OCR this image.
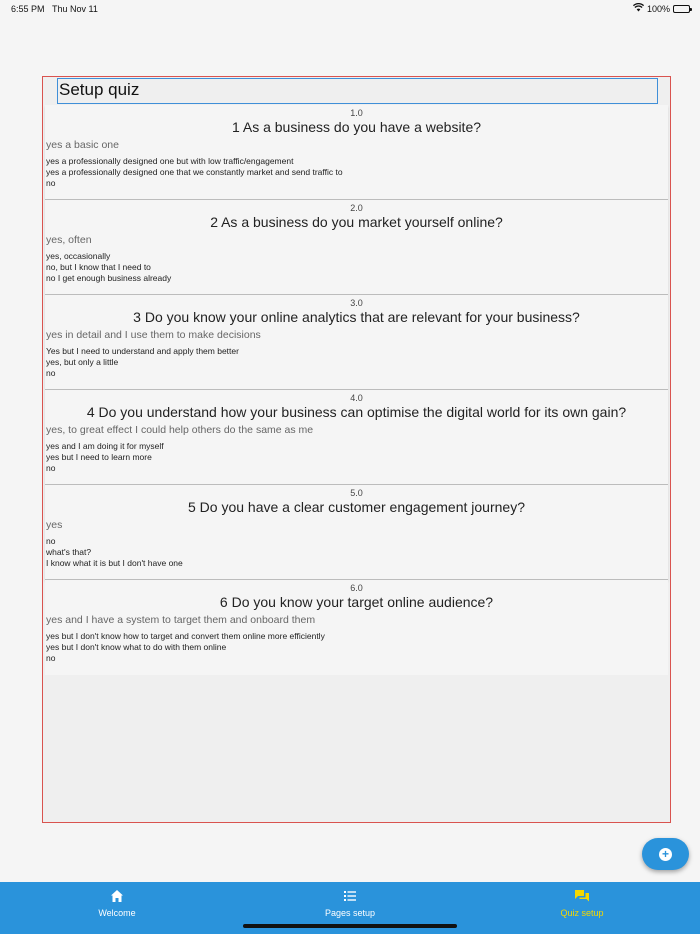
6:55 PM Thu Nov 11	100%
Setup quiz
1.0
1 As a business do you have a website?
yes a basic one
yes a professionally designed one but with low traffic/engagement
yes a professionally designed one that we constantly market and send traffic to
no
2.0
2 As a business do you market yourself online?
yes, often
yes, occasionally
no, but I know that I need to
no I get enough business already
3.0
3 Do you know your online analytics that are relevant for your business?
yes in detail and I use them to make decisions
Yes but I need to understand and apply them better
yes, but only a little
no
4.0
4 Do you understand how your business can optimise the digital world for its own gain?
yes, to great effect I could help others do the same as me
yes and I am doing it for myself
yes but I need to learn more
no
5.0
5 Do you have a clear customer engagement journey?
yes
no
what's that?
I know what it is but I don't have one
6.0
6 Do you know your target online audience?
yes and I have a system to target them and onboard them
yes but I don't know how to target and convert them online more efficiently
yes but I don't know what to do with them online
no
+
Welcome	Pages setup	Quiz setup
